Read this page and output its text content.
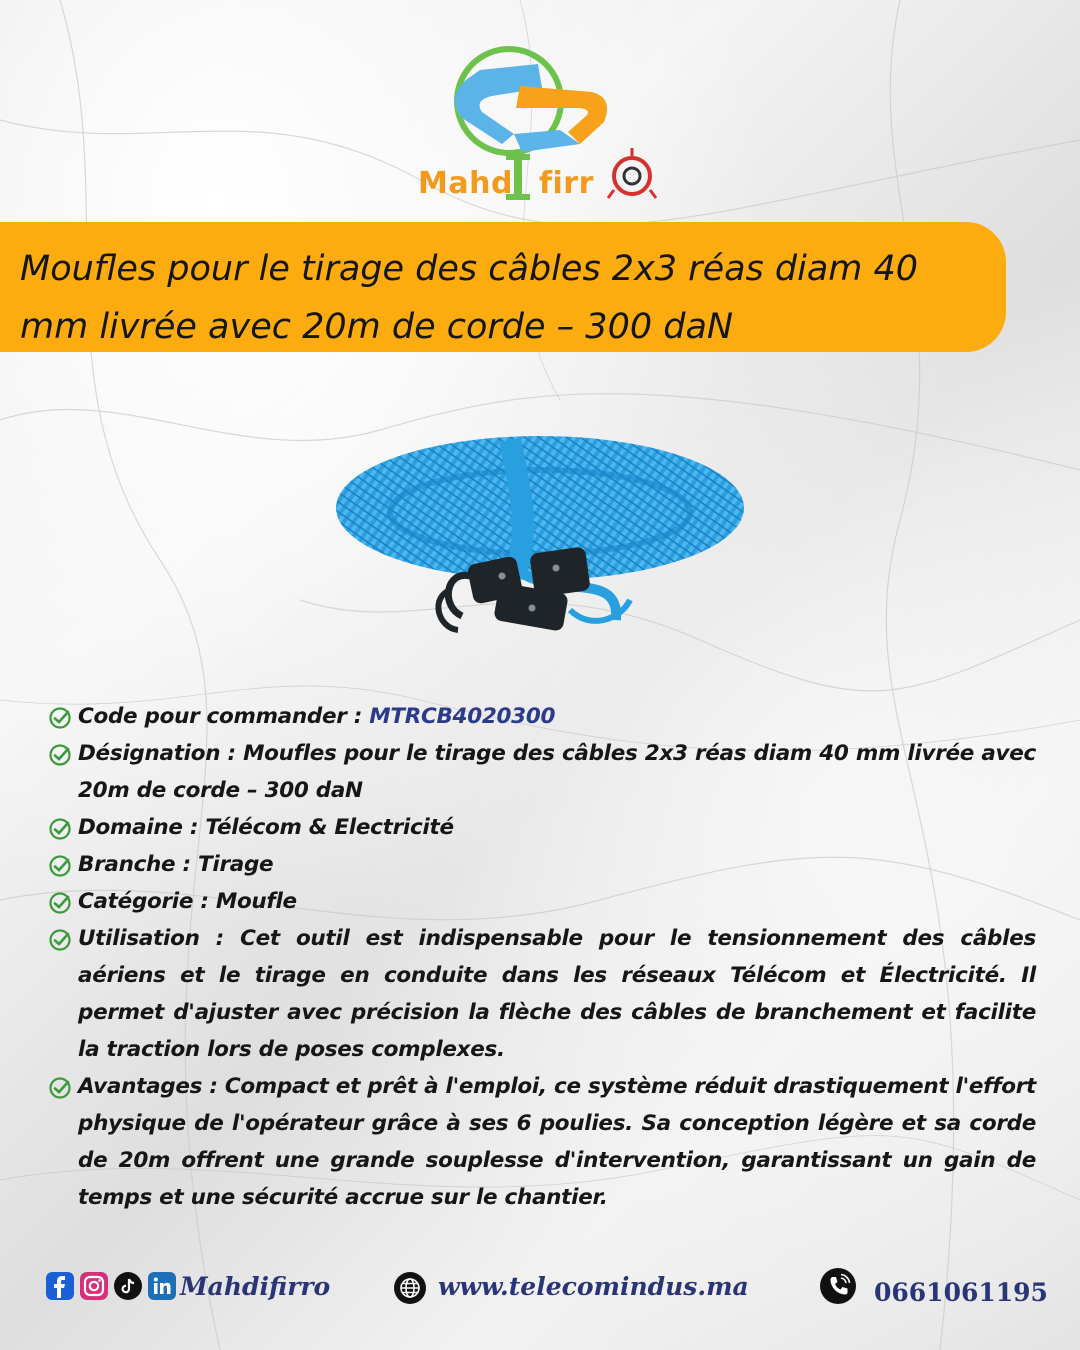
Mahd firr
Moufles pour le tirage des câbles 2x3 réas diam 40 mm livrée avec 20m de corde – 300 daN
Code pour commander : MTRCB4020300
Désignation : Moufles pour le tirage des câbles 2x3 réas diam 40 mm livrée avec 20m de corde – 300 daN
Domaine : Télécom & Electricité
Branche : Tirage
Catégorie : Moufle
Utilisation : Cet outil est indispensable pour le tensionnement des câbles aériens et le tirage en conduite dans les réseaux Télécom et Électricité. Il permet d'ajuster avec précision la flèche des câbles de branchement et facilite la traction lors de poses complexes.
Avantages : Compact et prêt à l'emploi, ce système réduit drastiquement l'effort physique de l'opérateur grâce à ses 6 poulies. Sa conception légère et sa corde de 20m offrent une grande souplesse d'intervention, garantissant un gain de temps et une sécurité accrue sur le chantier.
Mahdifirro	www.telecomindus.ma	0661061195
